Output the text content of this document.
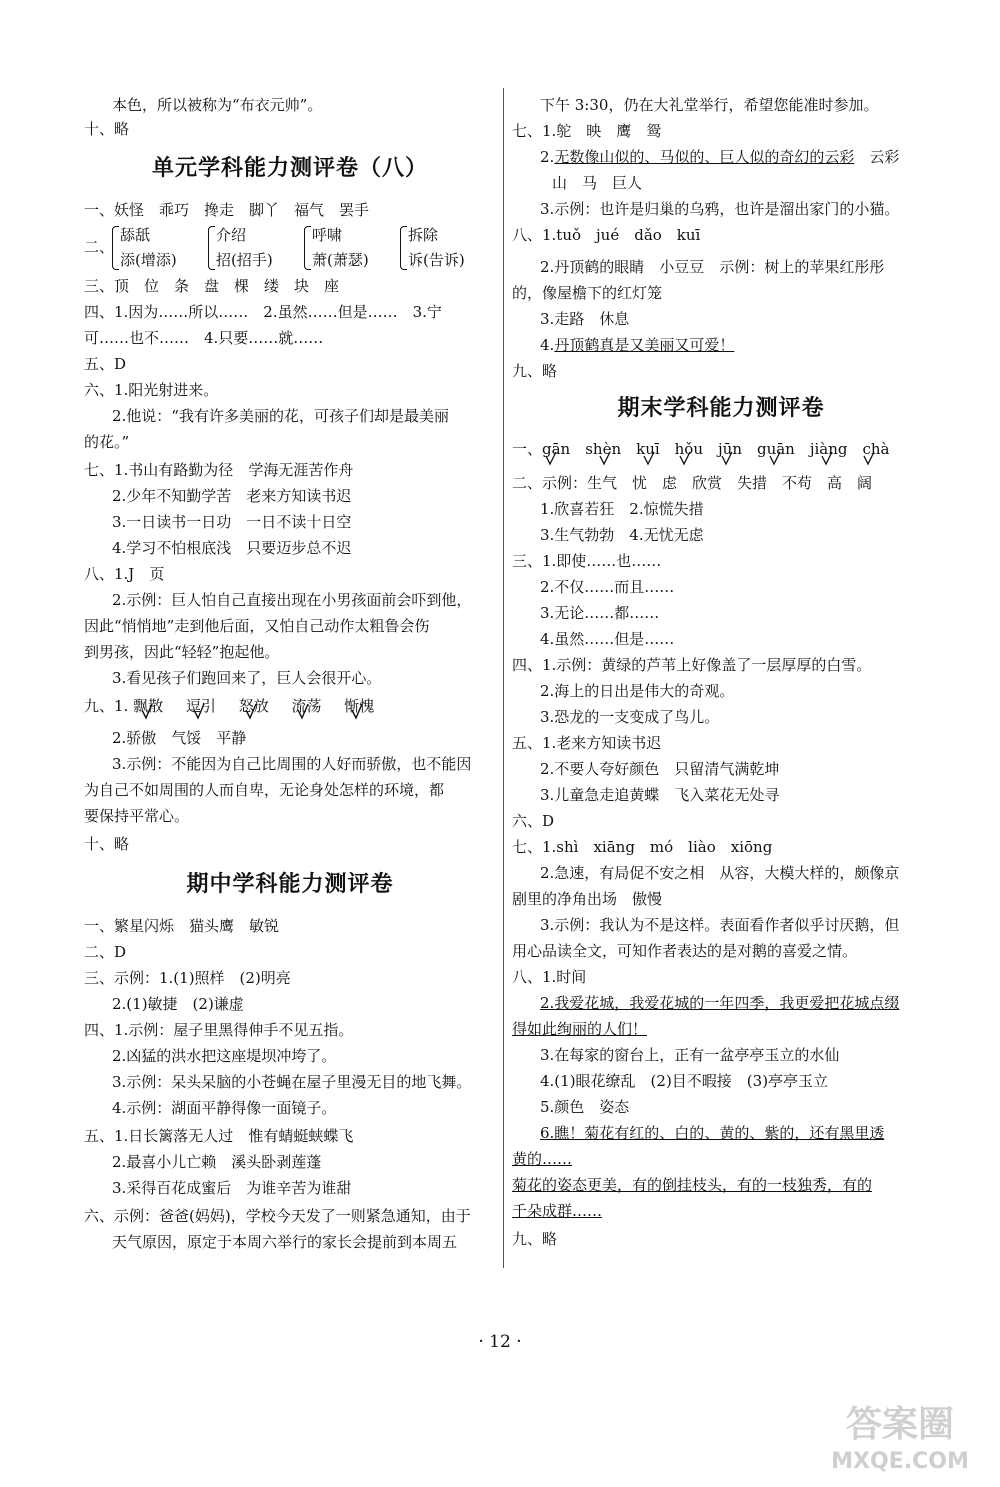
本色，所以被称为“布衣元帅”。
十、略
单元学科能力测评卷（八）
一、妖怪　乖巧　搀走　脚丫　福气　罢手
二、
舔舐
添(增添)
介绍
招(招手)
呼啸
萧(萧瑟)
拆除
诉(告诉)
三、顶　位　条　盘　棵　缕　块　座
四、1.因为……所以……　2.虽然……但是……　3.宁
可……也不……　4.只要……就……
五、D
六、1.阳光射进来。
2.他说：“我有许多美丽的花，可孩子们却是最美丽
的花。”
七、1.书山有路勤为径　学海无涯苦作舟
2.少年不知勤学苦　老来方知读书迟
3.一日读书一日功　一日不读十日空
4.学习不怕根底浅　只要迈步总不迟
八、1.J　页
2.示例：巨人怕自己直接出现在小男孩面前会吓到他，
因此“悄悄地”走到他后面，又怕自己动作太粗鲁会伤
到男孩，因此“轻轻”抱起他。
3.看见孩子们跑回来了，巨人会很开心。
九、1. 飘散 逗引 怒放 流荡 惭愧
2.骄傲　气馁　平静
3.示例：不能因为自己比周围的人好而骄傲，也不能因
为自己不如周围的人而自卑，无论身处怎样的环境，都
要保持平常心。
十、略
期中学科能力测评卷
一、繁星闪烁　猫头鹰　敏锐
二、D
三、示例：1.(1)照样　(2)明亮
2.(1)敏捷　(2)谦虚
四、1.示例：屋子里黑得伸手不见五指。
2.凶猛的洪水把这座堤坝冲垮了。
3.示例：呆头呆脑的小苍蝇在屋子里漫无目的地飞舞。
4.示例：湖面平静得像一面镜子。
五、1.日长篱落无人过　惟有蜻蜓蛱蝶飞
2.最喜小儿亡赖　溪头卧剥莲蓬
3.采得百花成蜜后　为谁辛苦为谁甜
六、示例：爸爸(妈妈)，学校今天发了一则紧急通知，由于
天气原因，原定于本周六举行的家长会提前到本周五
下午 3:30，仍在大礼堂举行，希望您能准时参加。
七、1.鸵　映　鹰　鸳
2.无数像山似的、马似的、巨人似的奇幻的云彩　云彩
山　马　巨人
3.示例：也许是归巢的乌鸦，也许是溜出家门的小猫。
八、1.tuǒ　jué　dǎo　kuī
2.丹顶鹤的眼睛　小豆豆　示例：树上的苹果红彤彤
的，像屋檐下的红灯笼
3.走路　休息
4.丹顶鹤真是又美丽又可爱！
九、略
期末学科能力测评卷
一、gān　shèn　kuī　hǒu　jūn　guān　jiàng　chà
二、示例：生气　忧　虑　欣赏　失措　不苟　高　阔
1.欣喜若狂　2.惊慌失措
3.生气勃勃　4.无忧无虑
三、1.即使……也……
2.不仅……而且……
3.无论……都……
4.虽然……但是……
四、1.示例：黄绿的芦苇上好像盖了一层厚厚的白雪。
2.海上的日出是伟大的奇观。
3.恐龙的一支变成了鸟儿。
五、1.老来方知读书迟
2.不要人夸好颜色　只留清气满乾坤
3.儿童急走追黄蝶　飞入菜花无处寻
六、D
七、1.shì　xiāng　mó　liào　xiōng
2.急速，有局促不安之相　从容，大模大样的，颇像京
剧里的净角出场　傲慢
3.示例：我认为不是这样。表面看作者似乎讨厌鹅，但
用心品读全文，可知作者表达的是对鹅的喜爱之情。
八、1.时间
2.我爱花城，我爱花城的一年四季，我更爱把花城点缀
得如此绚丽的人们！
3.在每家的窗台上，正有一盆亭亭玉立的水仙
4.(1)眼花缭乱　(2)目不暇接　(3)亭亭玉立
5.颜色　姿态
6.瞧！菊花有红的、白的、黄的、紫的，还有黑里透
黄的……
菊花的姿态更美，有的倒挂枝头，有的一枝独秀，有的
千朵成群……
九、略
· 12 ·
答案圈
MXQE.COM
